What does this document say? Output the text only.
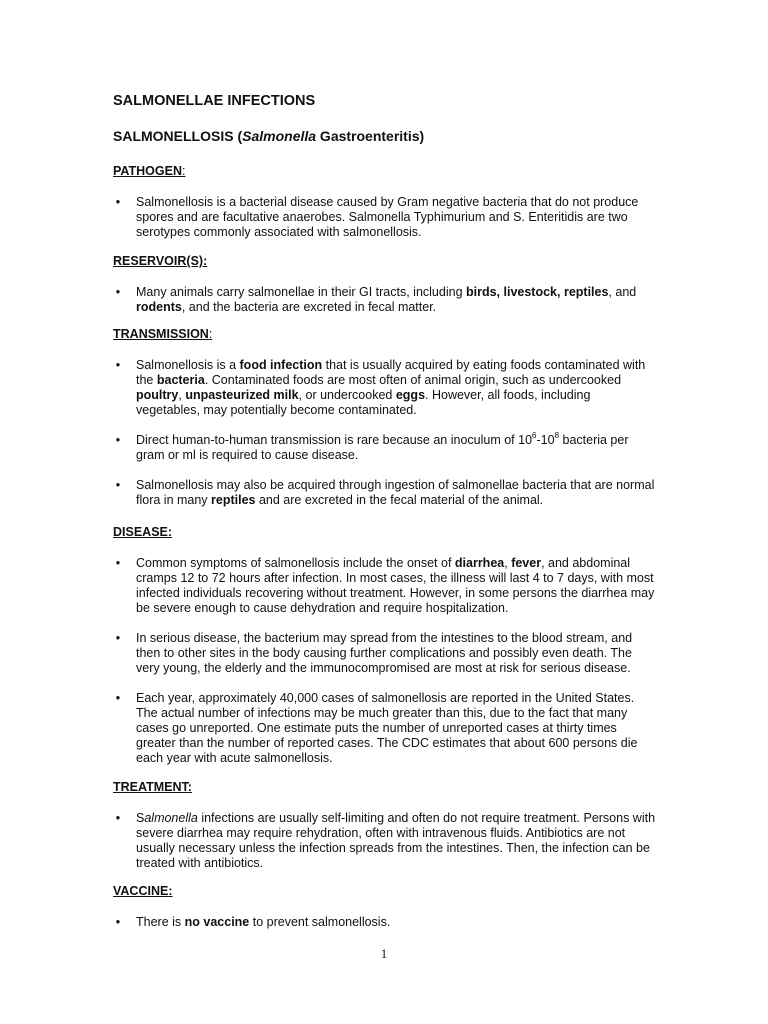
SALMONELLAE INFECTIONS
SALMONELLOSIS (Salmonella Gastroenteritis)
PATHOGEN:
• Salmonellosis is a bacterial disease caused by Gram negative bacteria that do not produce spores and are facultative anaerobes. Salmonella Typhimurium and S. Enteritidis are two serotypes commonly associated with salmonellosis.
RESERVOIR(S):
• Many animals carry salmonellae in their GI tracts, including birds, livestock, reptiles, and rodents, and the bacteria are excreted in fecal matter.
TRANSMISSION:
• Salmonellosis is a food infection that is usually acquired by eating foods contaminated with the bacteria. Contaminated foods are most often of animal origin, such as undercooked poultry, unpasteurized milk, or undercooked eggs. However, all foods, including vegetables, may potentially become contaminated.
• Direct human-to-human transmission is rare because an inoculum of $10^6-10^8$ bacteria per gram or ml is required to cause disease.
• Salmonellosis may also be acquired through ingestion of salmonellae bacteria that are normal flora in many reptiles and are excreted in the fecal material of the animal.
DISEASE:
• Common symptoms of salmonellosis include the onset of diarrhea, fever, and abdominal cramps 12 to 72 hours after infection. In most cases, the illness will last 4 to 7 days, with most infected individuals recovering without treatment. However, in some persons the diarrhea may be severe enough to cause dehydration and require hospitalization.
• In serious disease, the bacterium may spread from the intestines to the blood stream, and then to other sites in the body causing further complications and possibly even death. The very young, the elderly and the immunocompromised are most at risk for serious disease.
• Each year, approximately 40,000 cases of salmonellosis are reported in the United States. The actual number of infections may be much greater than this, due to the fact that many cases go unreported. One estimate puts the number of unreported cases at thirty times greater than the number of reported cases. The CDC estimates that about 600 persons die each year with acute salmonellosis.
TREATMENT:
• Salmonella infections are usually self-limiting and often do not require treatment. Persons with severe diarrhea may require rehydration, often with intravenous fluids. Antibiotics are not usually necessary unless the infection spreads from the intestines. Then, the infection can be treated with antibiotics.
VACCINE:
• There is no vaccine to prevent salmonellosis.
1
